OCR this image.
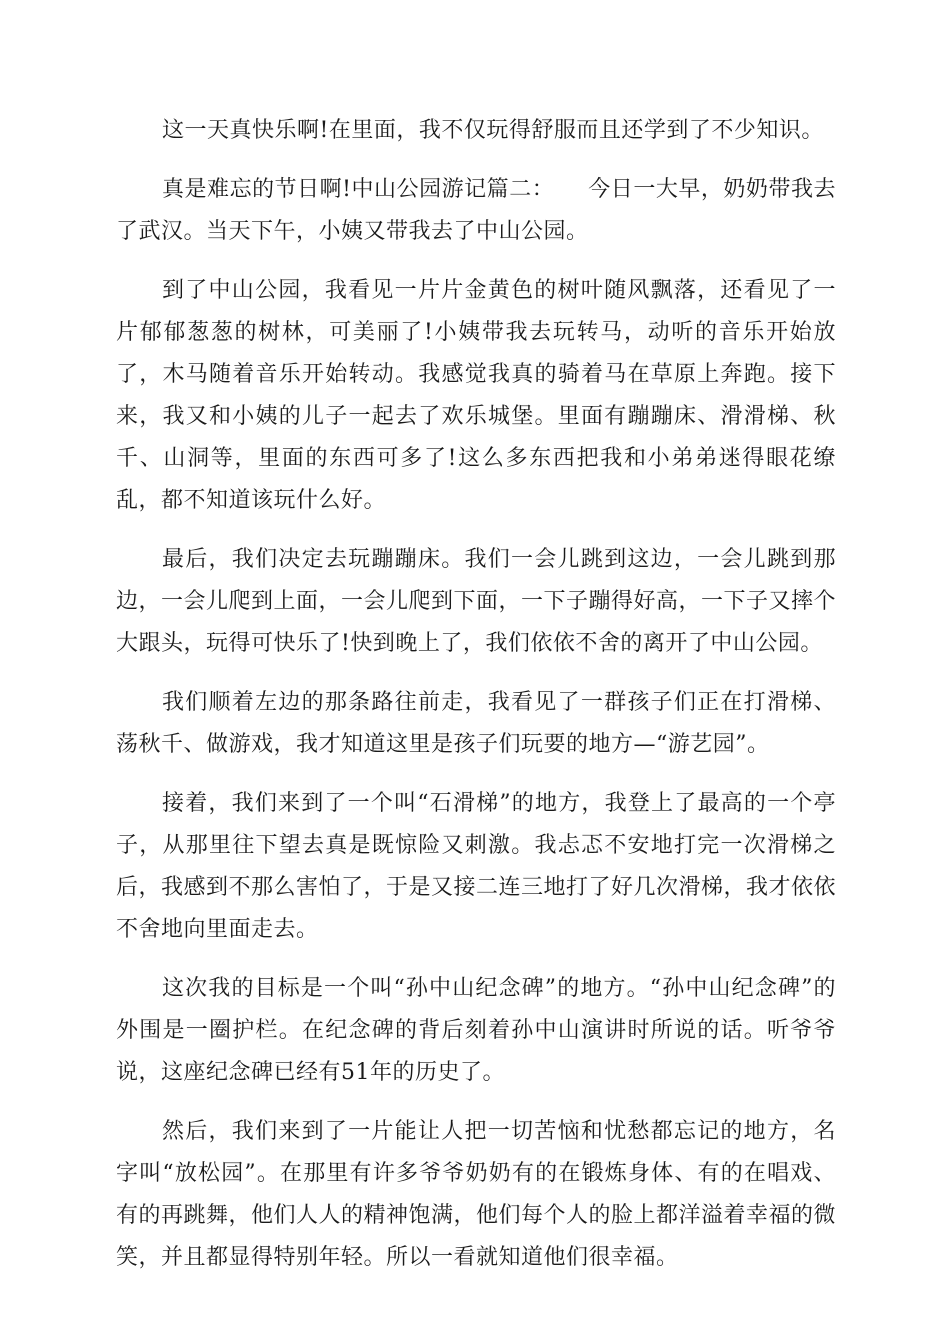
这一天真快乐啊!在里面，我不仅玩得舒服而且还学到了不少知识。

真是难忘的节日啊!中山公园游记篇二：　　今日一大早，奶奶带我去了武汉。当天下午，小姨又带我去了中山公园。

到了中山公园，我看见一片片金黄色的树叶随风飘落，还看见了一片郁郁葱葱的树林，可美丽了!小姨带我去玩转马，动听的音乐开始放了，木马随着音乐开始转动。我感觉我真的骑着马在草原上奔跑。接下来，我又和小姨的儿子一起去了欢乐城堡。里面有蹦蹦床、滑滑梯、秋千、山洞等，里面的东西可多了!这么多东西把我和小弟弟迷得眼花缭乱，都不知道该玩什么好。

最后，我们决定去玩蹦蹦床。我们一会儿跳到这边，一会儿跳到那边，一会儿爬到上面，一会儿爬到下面，一下子蹦得好高，一下子又摔个大跟头，玩得可快乐了!快到晚上了，我们依依不舍的离开了中山公园。

我们顺着左边的那条路往前走，我看见了一群孩子们正在打滑梯、荡秋千、做游戏，我才知道这里是孩子们玩要的地方—“游艺园”。

接着，我们来到了一个叫“石滑梯”的地方，我登上了最高的一个亭子，从那里往下望去真是既惊险又刺激。我忐忑不安地打完一次滑梯之后，我感到不那么害怕了，于是又接二连三地打了好几次滑梯，我才依依不舍地向里面走去。

这次我的目标是一个叫“孙中山纪念碑”的地方。“孙中山纪念碑”的外围是一圈护栏。在纪念碑的背后刻着孙中山演讲时所说的话。听爷爷说，这座纪念碑已经有51年的历史了。

然后，我们来到了一片能让人把一切苦恼和忧愁都忘记的地方，名字叫“放松园”。在那里有许多爷爷奶奶有的在锻炼身体、有的在唱戏、有的再跳舞，他们人人的精神饱满，他们每个人的脸上都洋溢着幸福的微笑，并且都显得特别年轻。所以一看就知道他们很幸福。
